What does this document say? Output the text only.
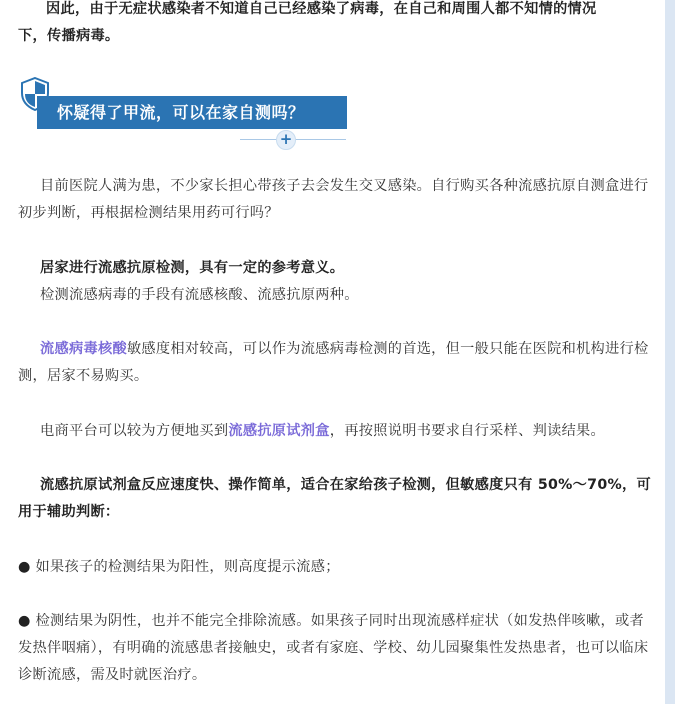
因此，由于无症状感染者不知道自己已经感染了病毒，在自己和周围人都不知情的情况

下，传播病毒。

怀疑得了甲流，可以在家自测吗？
+

目前医院人满为患，不少家长担心带孩子去会发生交叉感染。自行购买各种流感抗原自测盒进行初步判断，再根据检测结果用药可行吗？

居家进行流感抗原检测，具有一定的参考意义。

检测流感病毒的手段有流感核酸、流感抗原两种。

流感病毒核酸敏感度相对较高，可以作为流感病毒检测的首选，但一般只能在医院和机构进行检测，居家不易购买。

电商平台可以较为方便地买到流感抗原试剂盒，再按照说明书要求自行采样、判读结果。

流感抗原试剂盒反应速度快、操作简单，适合在家给孩子检测，但敏感度只有 50%～70%，可用于辅助判断：

● 如果孩子的检测结果为阳性，则高度提示流感；

● 检测结果为阴性，也并不能完全排除流感。如果孩子同时出现流感样症状（如发热伴咳嗽，或者发热伴咽痛），有明确的流感患者接触史，或者有家庭、学校、幼儿园聚集性发热患者，也可以临床诊断流感，需及时就医治疗。
